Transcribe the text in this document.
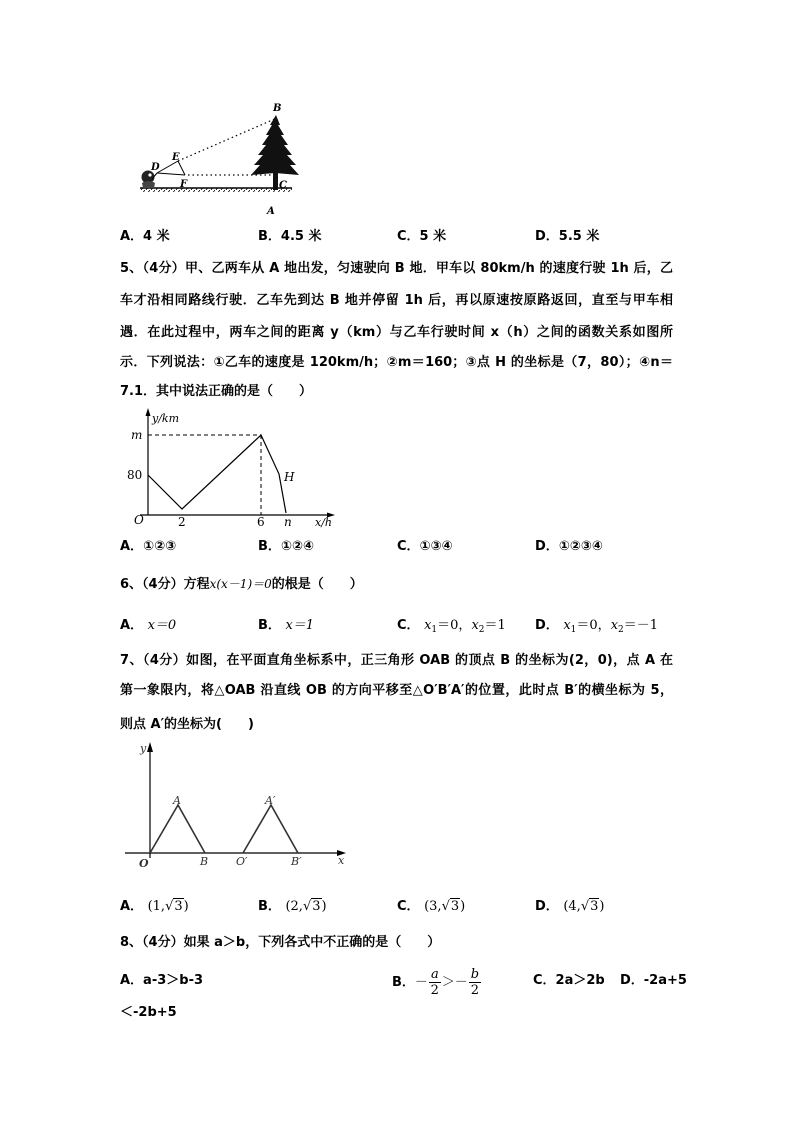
B
E
D
F	C
A
A．4 米	B．4.5 米	C．5 米	D．5.5 米
5、（4分）甲、乙两车从 A 地出发，匀速驶向 B 地．甲车以 80km/h 的速度行驶 1h 后，乙
车才沿相同路线行驶．乙车先到达 B 地并停留 1h 后，再以原速按原路返回，直至与甲车相
遇．在此过程中，两车之间的距离 y（km）与乙车行驶时间 x（h）之间的函数关系如图所
示．下列说法：①乙车的速度是 120km/h；②m＝160；③点 H 的坐标是（7，80）；④n＝
7.1．其中说法正确的是（　　）
y/km
m
80
O	2	6 n x/h
H
A．①②③	B．①②④	C．①③④	D．①②③④
6、（4分）方程x(x－1)＝0的根是（　　）
A． x＝0	B． x＝1	C． $x_1=0$，$x_2=1$ D． $x_1=0$，$x_2=-1$
7、（4分）如图，在平面直角坐标系中，正三角形 OAB 的顶点 B 的坐标为(2，0)，点 A 在
第一象限内，将△OAB 沿直线 OB 的方向平移至△O′B′A′的位置，此时点 B′的横坐标为 5，
则点 A′的坐标为(　　)
y
A	A′
O	B	O′	B′	x
A． (1,√3)	B． (2,√3)	C． (3,√3)	D． (4,√3)
8、（4分）如果 a＞b，下列各式中不正确的是（　　）
A．a-3＞b-3	B．－ $\frac{a}{2} >- \frac{b}{2}$	C．2a＞2b D．-2a+5
＜-2b+5
